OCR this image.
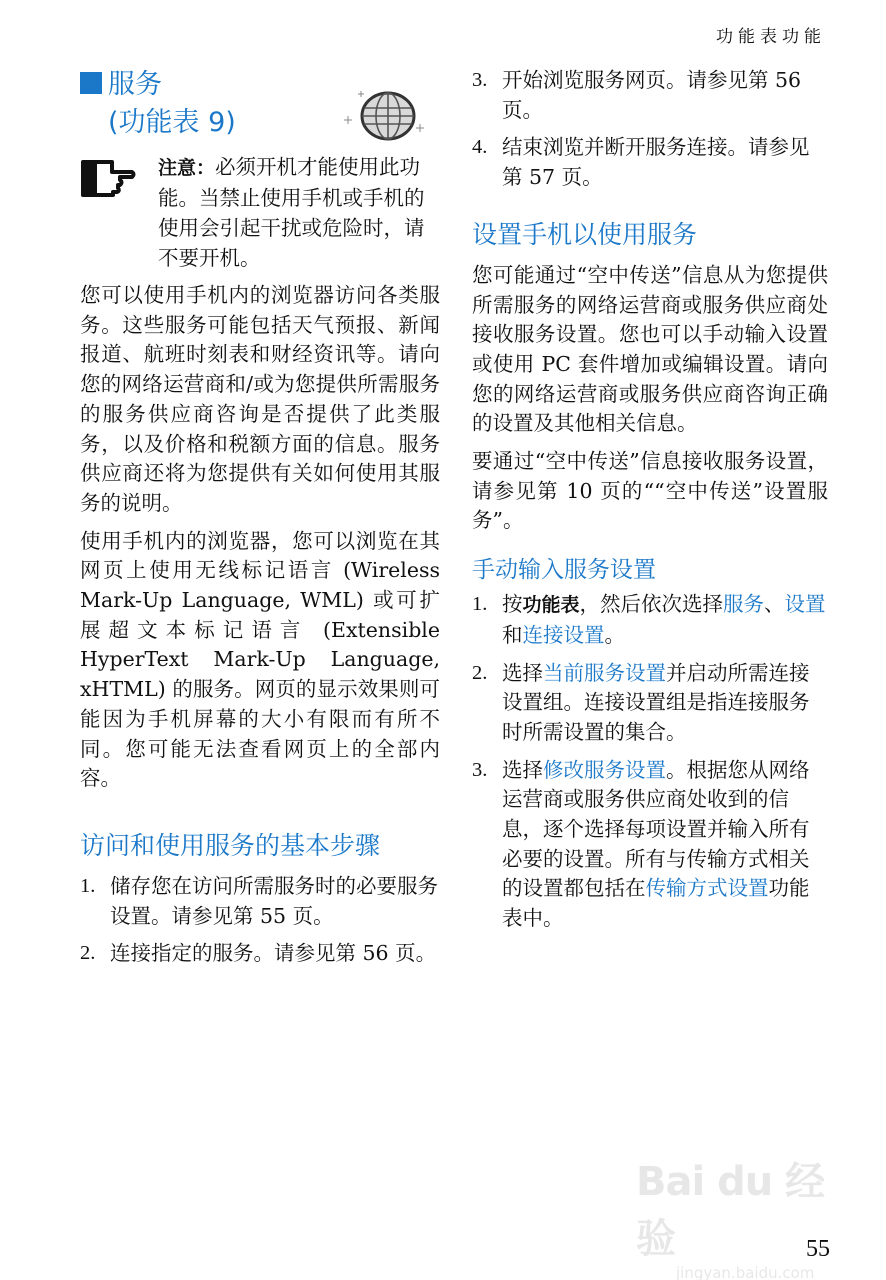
功能表功能
服务
(功能表 9)
注意：必须开机才能使用此功能。当禁止使用手机或手机的使用会引起干扰或危险时，请不要开机。

您可以使用手机内的浏览器访问各类服务。这些服务可能包括天气预报、新闻报道、航班时刻表和财经资讯等。请向您的网络运营商和/或为您提供所需服务的服务供应商咨询是否提供了此类服务，以及价格和税额方面的信息。服务供应商还将为您提供有关如何使用其服务的说明。

使用手机内的浏览器，您可以浏览在其网页上使用无线标记语言 (Wireless Mark-Up Language, WML) 或可扩展超文本标记语言 (Extensible HyperText Mark-Up Language, xHTML) 的服务。网页的显示效果则可能因为手机屏幕的大小有限而有所不同。您可能无法查看网页上的全部内容。

访问和使用服务的基本步骤
1. 储存您在访问所需服务时的必要服务设置。请参见第 55 页。
2. 连接指定的服务。请参见第 56 页。
3. 开始浏览服务网页。请参见第 56 页。
4. 结束浏览并断开服务连接。请参见第 57 页。
设置手机以使用服务

您可能通过“空中传送”信息从为您提供所需服务的网络运营商或服务供应商处接收服务设置。您也可以手动输入设置或使用 PC 套件增加或编辑设置。请向您的网络运营商或服务供应商咨询正确的设置及其他相关信息。

要通过“空中传送”信息接收服务设置，请参见第 10 页的““空中传送”设置服务”。

手动输入服务设置
1. 按功能表，然后依次选择服务、设置和连接设置。
2. 选择当前服务设置并启动所需连接设置组。连接设置组是指连接服务时所需设置的集合。
3. 选择修改服务设置。根据您从网络运营商或服务供应商处收到的信息，逐个选择每项设置并输入所有必要的设置。所有与传输方式相关的设置都包括在传输方式设置功能表中。
Bai du 经验
jingyan.baidu.com
55
